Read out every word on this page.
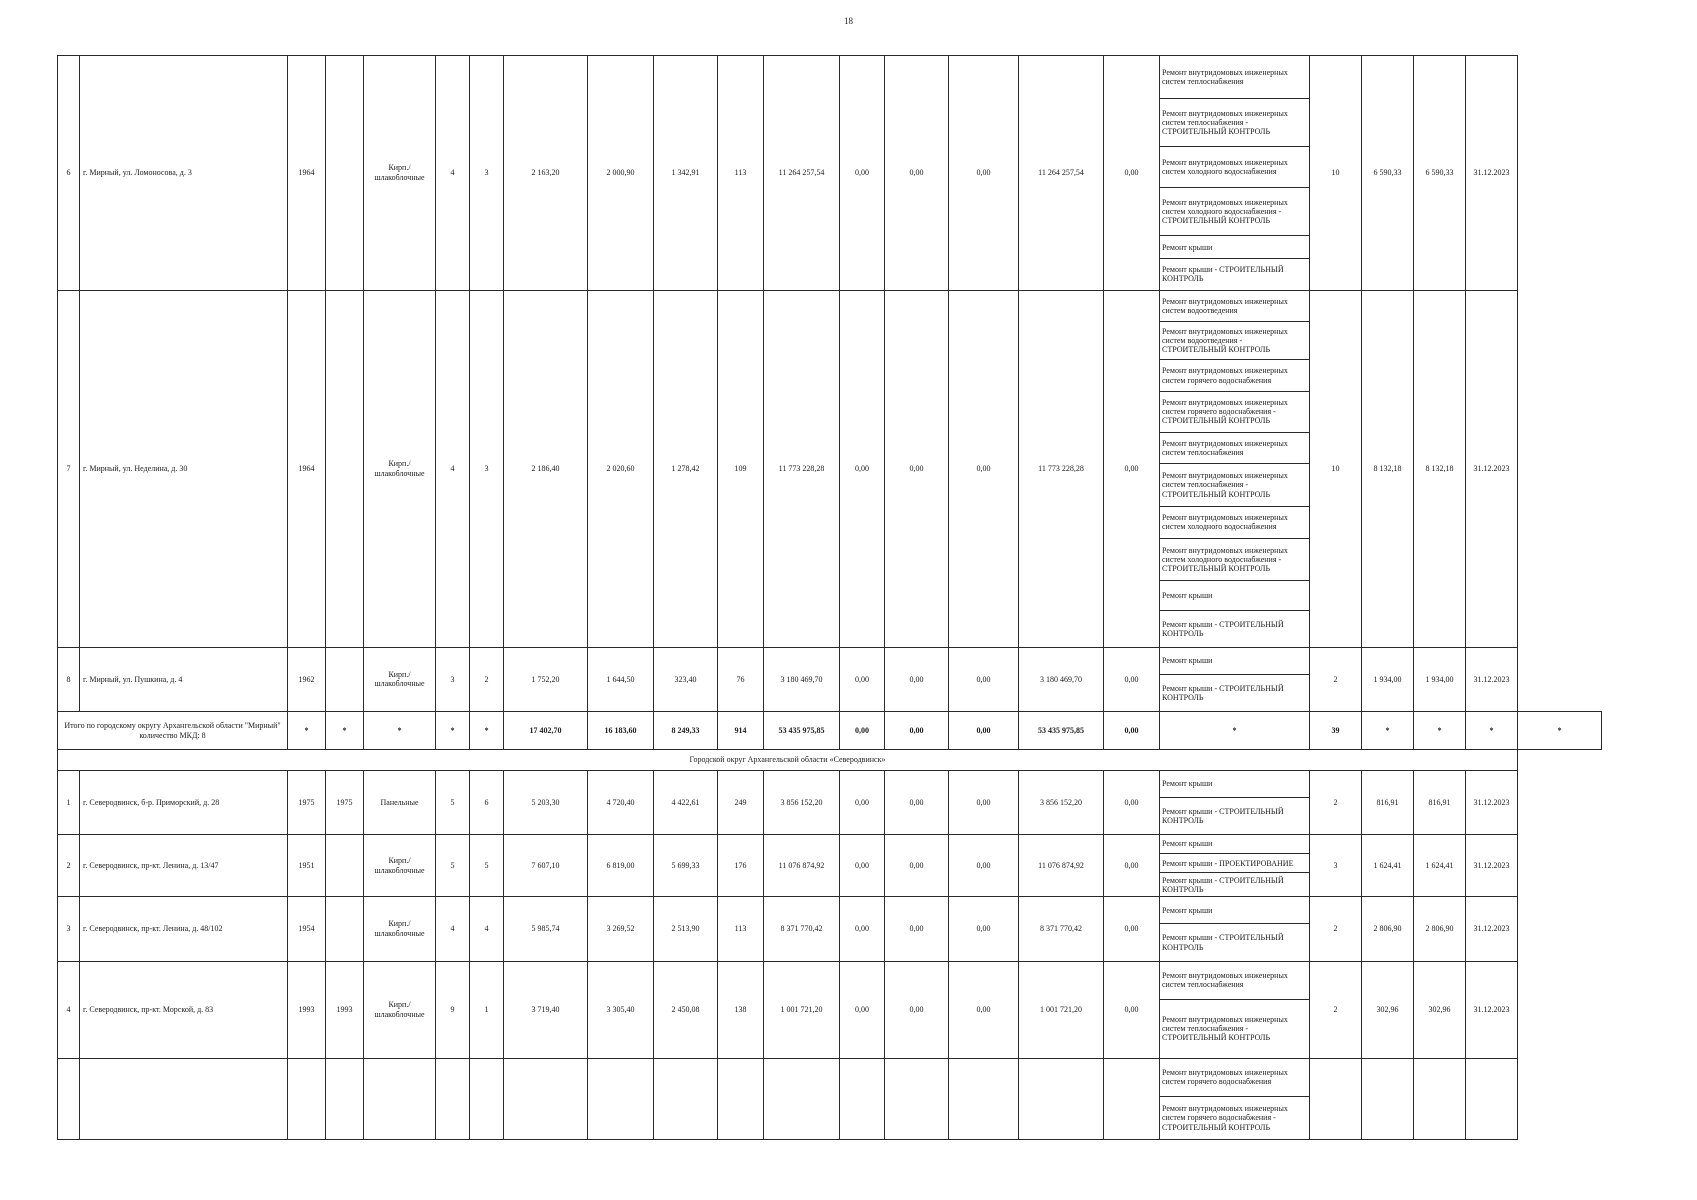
18
6	г. Мирный, ул. Ломоносова, д. 3	1964		Кирп./ шлакоблочные	4	3	2 163,20	2 000,90	1 342,91	113	11 264 257,54	0,00	0,00	0,00	11 264 257,54	0,00	Ремонт внутридомовых инженерных систем теплоснабжения	10	6 590,33	6 590,33	31.12.2023	
																	Ремонт внутридомовых инженерных систем теплоснабжения - СТРОИТЕЛЬНЫЙ КОНТРОЛЬ					
																	Ремонт внутридомовых инженерных систем холодного водоснабжения					
																	Ремонт внутридомовых инженерных систем холодного водоснабжения - СТРОИТЕЛЬНЫЙ КОНТРОЛЬ					
																	Ремонт крыши					
																	Ремонт крыши - СТРОИТЕЛЬНЫЙ КОНТРОЛЬ					
7	г. Мирный, ул. Неделина, д. 30	1964		Кирп./ шлакоблочные	4	3	2 186,40	2 020,60	1 278,42	109	11 773 228,28	0,00	0,00	0,00	11 773 228,28	0,00	Ремонт внутридомовых инженерных систем водоотведения	10	8 132,18	8 132,18	31.12.2023	
																	Ремонт внутридомовых инженерных систем водоотведения - СТРОИТЕЛЬНЫЙ КОНТРОЛЬ					
																	Ремонт внутридомовых инженерных систем горячего водоснабжения					
																	Ремонт внутридомовых инженерных систем горячего водоснабжения - СТРОИТЕЛЬНЫЙ КОНТРОЛЬ					
																	Ремонт внутридомовых инженерных систем теплоснабжения					
																	Ремонт внутридомовых инженерных систем теплоснабжения - СТРОИТЕЛЬНЫЙ КОНТРОЛЬ					
																	Ремонт внутридомовых инженерных систем холодного водоснабжения					
																	Ремонт внутридомовых инженерных систем холодного водоснабжения - СТРОИТЕЛЬНЫЙ КОНТРОЛЬ					
																	Ремонт крыши					
																	Ремонт крыши - СТРОИТЕЛЬНЫЙ КОНТРОЛЬ					
8	г. Мирный, ул. Пушкина, д. 4	1962		Кирп./ шлакоблочные	3	2	1 752,20	1 644,50	323,40	76	3 180 469,70	0,00	0,00	0,00	3 180 469,70	0,00	Ремонт крыши	2	1 934,00	1 934,00	31.12.2023	
																	Ремонт крыши - СТРОИТЕЛЬНЫЙ КОНТРОЛЬ					
Итого по городскому округу Архангельской области "Мирный" количество МКД: 8		*	*	*	*	*	17 402,70	16 183,60	8 249,33	914	53 435 975,85	0,00	0,00	0,00	53 435 975,85	0,00	*	39	*	*	*	*
Городской округ Архангельской области «Северодвинск»																						
1	г. Северодвинск, б-р. Приморский, д. 28	1975	1975	Панельные	5	6	5 203,30	4 720,40	4 422,61	249	3 856 152,20	0,00	0,00	0,00	3 856 152,20	0,00	Ремонт крыши	2	816,91	816,91	31.12.2023	
																	Ремонт крыши - СТРОИТЕЛЬНЫЙ КОНТРОЛЬ					
2	г. Северодвинск, пр-кт. Ленина, д. 13/47	1951		Кирп./ шлакоблочные	5	5	7 607,10	6 819,00	5 699,33	176	11 076 874,92	0,00	0,00	0,00	11 076 874,92	0,00	Ремонт крыши	3	1 624,41	1 624,41	31.12.2023	
																	Ремонт крыши - ПРОЕКТИРОВАНИЕ					
																	Ремонт крыши - СТРОИТЕЛЬНЫЙ КОНТРОЛЬ					
3	г. Северодвинск, пр-кт. Ленина, д. 48/102	1954		Кирп./ шлакоблочные	4	4	5 985,74	3 269,52	2 513,90	113	8 371 770,42	0,00	0,00	0,00	8 371 770,42	0,00	Ремонт крыши	2	2 806,90	2 806,90	31.12.2023	
																	Ремонт крыши - СТРОИТЕЛЬНЫЙ КОНТРОЛЬ					
4	г. Северодвинск, пр-кт. Морской, д. 83	1993	1993	Кирп./ шлакоблочные	9	1	3 719,40	3 305,40	2 450,08	138	1 001 721,20	0,00	0,00	0,00	1 001 721,20	0,00	Ремонт внутридомовых инженерных систем теплоснабжения	2	302,96	302,96	31.12.2023	
																	Ремонт внутридомовых инженерных систем теплоснабжения - СТРОИТЕЛЬНЫЙ КОНТРОЛЬ					
																	Ремонт внутридомовых инженерных систем горячего водоснабжения					
																	Ремонт внутридомовых инженерных систем горячего водоснабжения - СТРОИТЕЛЬНЫЙ КОНТРОЛЬ					
